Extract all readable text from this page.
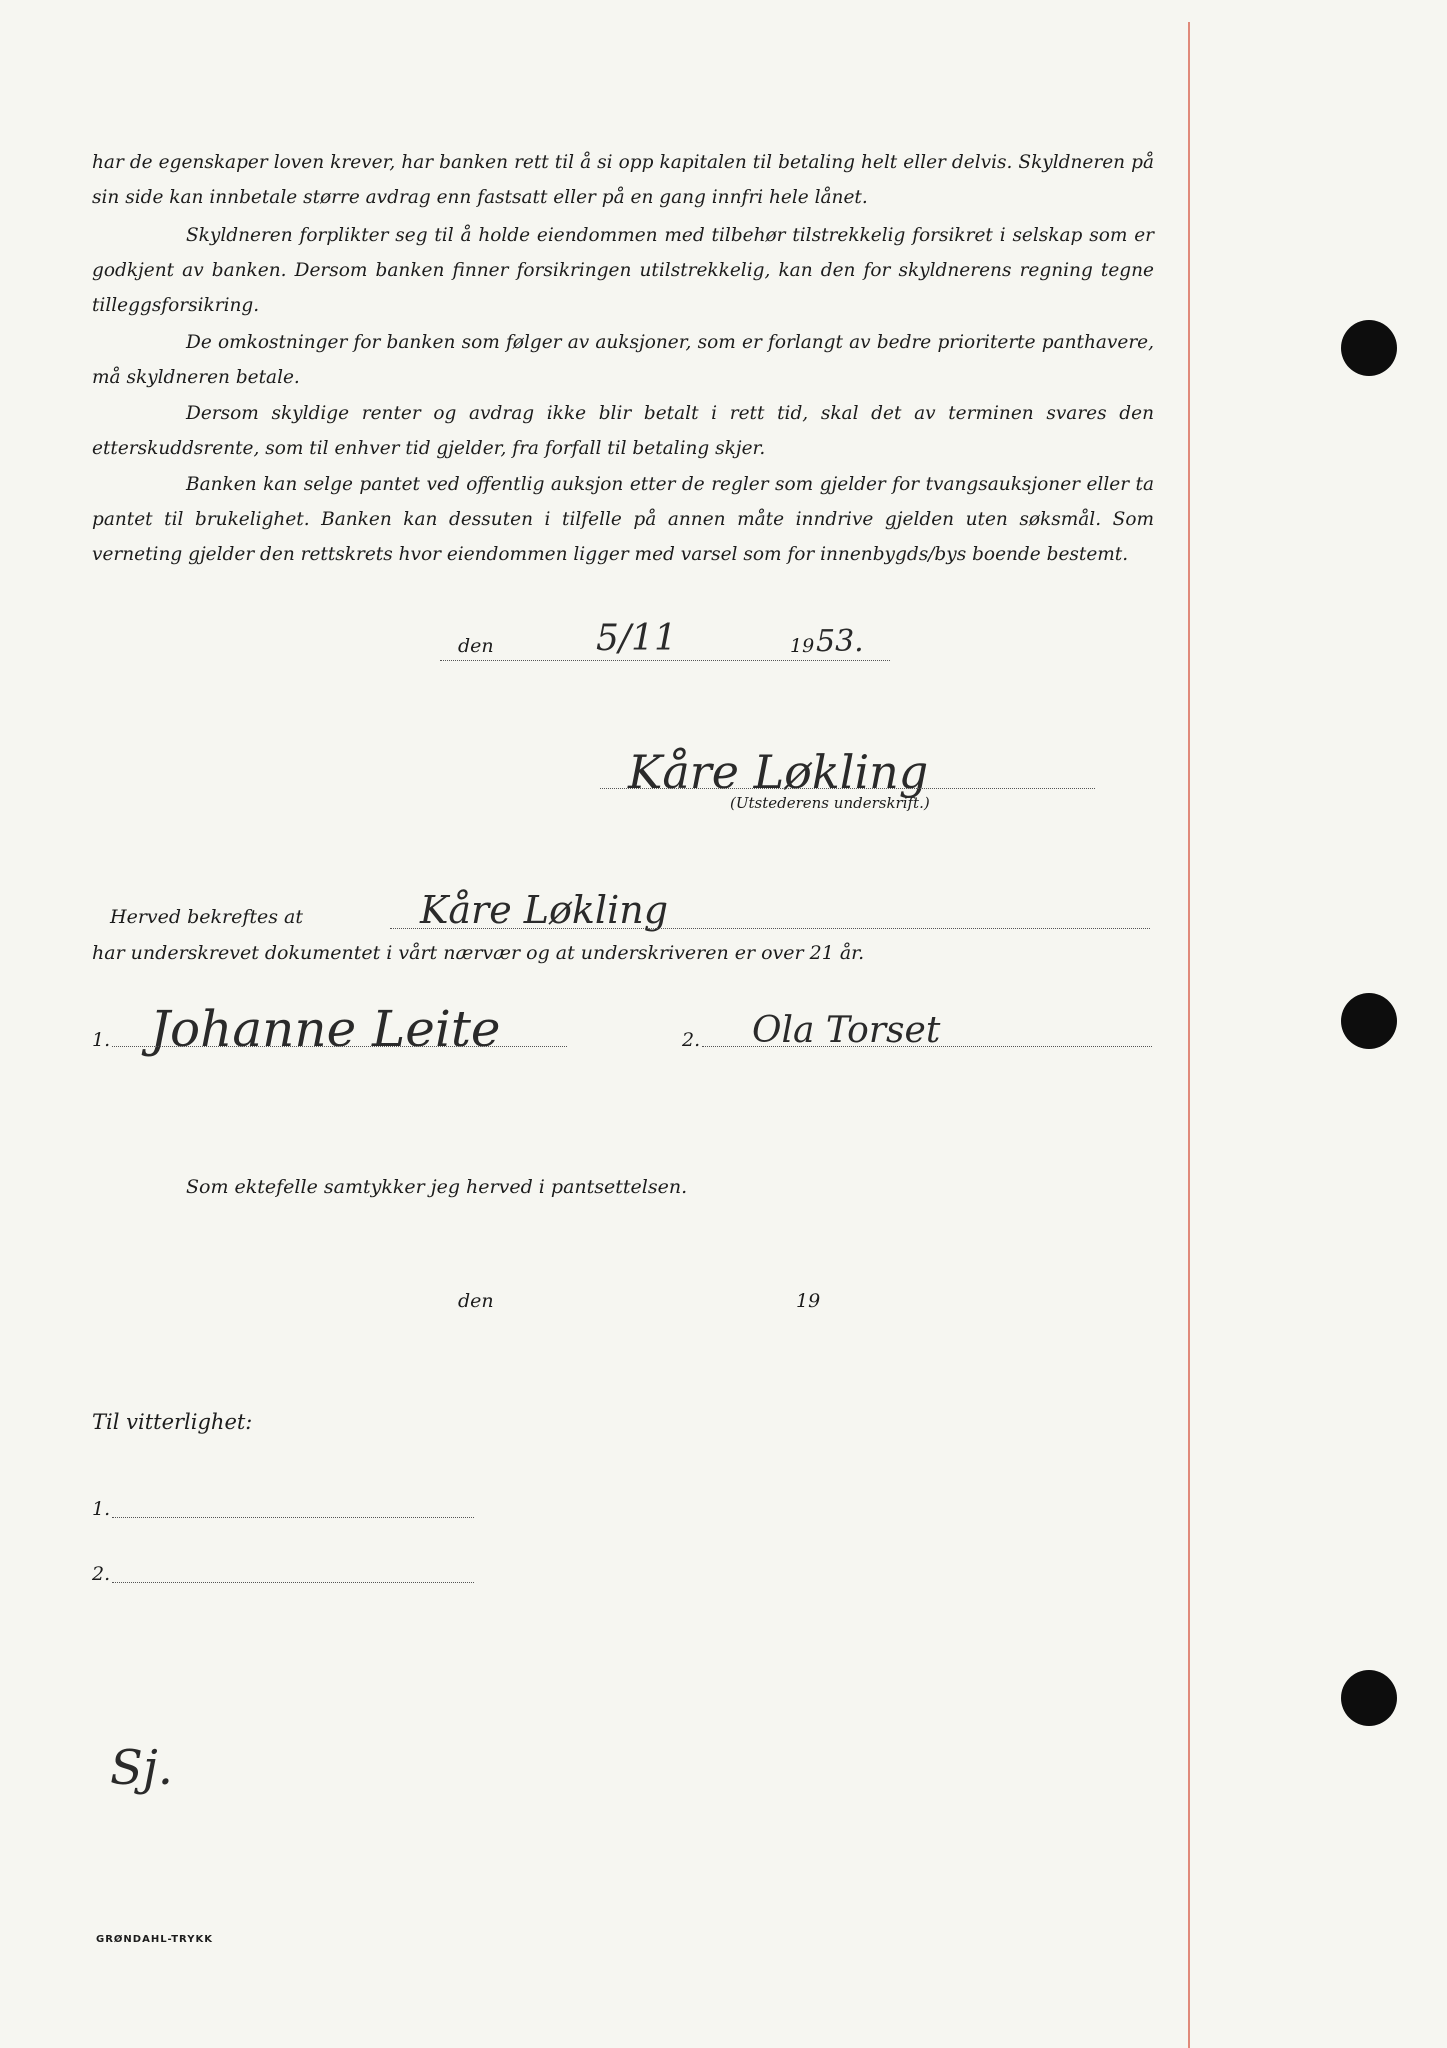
har de egenskaper loven krever, har banken rett til å si opp kapitalen til betaling helt eller delvis. Skyldneren på sin side kan innbetale større avdrag enn fastsatt eller på en gang innfri hele lånet.

Skyldneren forplikter seg til å holde eiendommen med tilbehør tilstrekkelig forsikret i selskap som er godkjent av banken. Dersom banken finner forsikringen utilstrekkelig, kan den for skyldnerens regning tegne tilleggsforsikring.

De omkostninger for banken som følger av auksjoner, som er forlangt av bedre prioriterte panthavere, må skyldneren betale.

Dersom skyldige renter og avdrag ikke blir betalt i rett tid, skal det av terminen svares den etterskuddsrente, som til enhver tid gjelder, fra forfall til betaling skjer.

Banken kan selge pantet ved offentlig auksjon etter de regler som gjelder for tvangsauksjoner eller ta pantet til brukelighet. Banken kan dessuten i tilfelle på annen måte inndrive gjelden uten søksmål. Som verneting gjelder den rettskrets hvor eiendommen ligger med varsel som for innenbygds/bys boende bestemt.

den	5/11	19 53.
Kåre Løkling
(Utstederens underskrift.)
Herved bekreftes at	Kåre Løkling
har underskrevet dokumentet i vårt nærvær og at underskriveren er over 21 år.
1. Johanne Leite	2. Ola Torset
Som ektefelle samtykker jeg herved i pantsettelsen.
den	19
Til vitterlighet:
1.
2.
Sj.
GRØNDAHL-TRYKK
